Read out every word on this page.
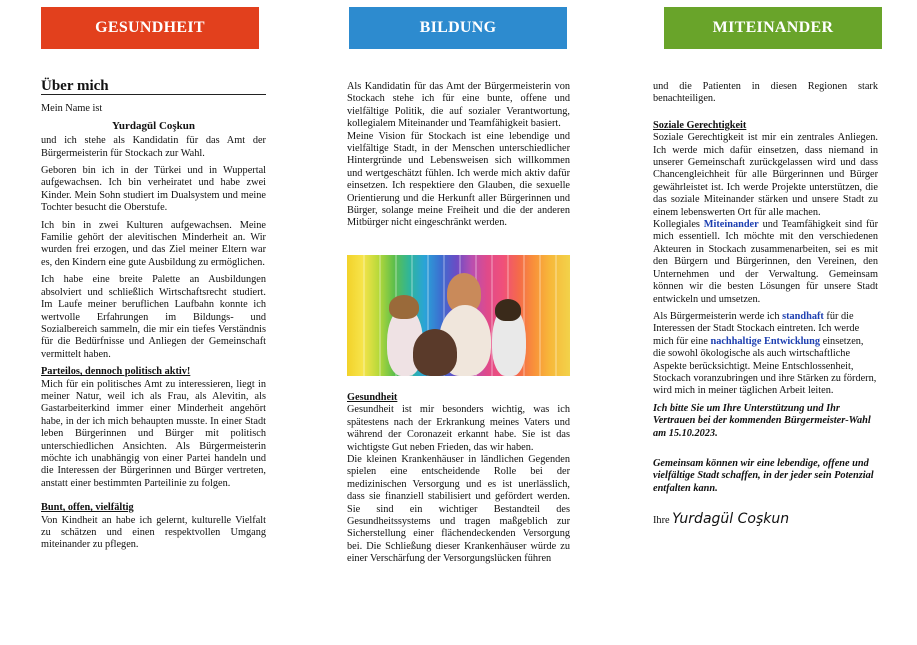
GESUNDHEIT	BILDUNG	MITEINANDER
Über mich

Mein Name ist

Yurdagül Coşkun

und ich stehe als Kandidatin für das Amt der Bürgermeisterin für Stockach zur Wahl.

Geboren bin ich in der Türkei und in Wuppertal aufgewachsen. Ich bin verheiratet und habe zwei Kinder. Mein Sohn studiert im Dualsystem und meine Tochter besucht die Oberstufe.

Ich bin in zwei Kulturen aufgewachsen. Meine Familie gehört der alevitischen Minderheit an. Wir wurden frei erzogen, und das Ziel meiner Eltern war es, den Kindern eine gute Ausbildung zu ermöglichen.

Ich habe eine breite Palette an Ausbildungen absolviert und schließlich Wirtschaftsrecht studiert. Im Laufe meiner beruflichen Laufbahn konnte ich wertvolle Erfahrungen im Bildungs- und Sozialbereich sammeln, die mir ein tiefes Verständnis für die Bedürfnisse und Anliegen der Gemeinschaft vermittelt haben.

Parteilos, dennoch politisch aktiv!

Mich für ein politisches Amt zu interessieren, liegt in meiner Natur, weil ich als Frau, als Alevitin, als Gastarbeiterkind immer einer Minderheit angehört habe, in der ich mich behaupten musste. In einer Stadt leben Bürgerinnen und Bürger mit politisch unterschiedlichen Ansichten. Als Bürgermeisterin möchte ich unabhängig von einer Partei handeln und die Interessen der Bürgerinnen und Bürger vertreten, anstatt einer bestimmten Parteilinie zu folgen.

Bunt, offen, vielfältig

Von Kindheit an habe ich gelernt, kulturelle Vielfalt zu schätzen und einen respektvollen Umgang miteinander zu pflegen.

Als Kandidatin für das Amt der Bürgermeisterin von Stockach stehe ich für eine bunte, offene und vielfältige Politik, die auf sozialer Verantwortung, kollegialem Miteinander und Teamfähigkeit basiert.

Meine Vision für Stockach ist eine lebendige und vielfältige Stadt, in der Menschen unterschiedlicher Hintergründe und Lebensweisen sich willkommen und wertgeschätzt fühlen. Ich werde mich aktiv dafür einsetzen. Ich respektiere den Glauben, die sexuelle Orientierung und die Herkunft aller Bürgerinnen und Bürger, solange meine Freiheit und die der anderen Mitbürger nicht eingeschränkt werden.

Gesundheit

Gesundheit ist mir besonders wichtig, was ich spätestens nach der Erkrankung meines Vaters und während der Coronazeit erkannt habe. Sie ist das wichtigste Gut neben Frieden, das wir haben.

Die kleinen Krankenhäuser in ländlichen Gegenden spielen eine entscheidende Rolle bei der medizinischen Versorgung und es ist unerlässlich, dass sie finanziell stabilisiert und gefördert werden. Sie sind ein wichtiger Bestandteil des Gesundheitssystems und tragen maßgeblich zur Sicherstellung einer flächendeckenden Versorgung bei. Die Schließung dieser Krankenhäuser würde zu einer Verschärfung der Versorgungslücken führen

und die Patienten in diesen Regionen stark benachteiligen.

Soziale Gerechtigkeit

Soziale Gerechtigkeit ist mir ein zentrales Anliegen. Ich werde mich dafür einsetzen, dass niemand in unserer Gemeinschaft zurückgelassen wird und dass Chancengleichheit für alle Bürgerinnen und Bürger gewährleistet ist. Ich werde Projekte unterstützen, die das soziale Miteinander stärken und unsere Stadt zu einem lebenswerten Ort für alle machen.

Kollegiales Miteinander und Teamfähigkeit sind für mich essentiell. Ich möchte mit den verschiedenen Akteuren in Stockach zusammenarbeiten, sei es mit den Bürgern und Bürgerinnen, den Vereinen, den Unternehmen und der Verwaltung. Gemeinsam können wir die besten Lösungen für unsere Stadt entwickeln und umsetzen.

Als Bürgermeisterin werde ich standhaft für die Interessen der Stadt Stockach eintreten. Ich werde mich für eine nachhaltige Entwicklung einsetzen, die sowohl ökologische als auch wirtschaftliche Aspekte berücksichtigt. Meine Entschlossenheit, Stockach voranzubringen und ihre Stärken zu fördern, wird mich in meiner täglichen Arbeit leiten.

Ich bitte Sie um Ihre Unterstützung und Ihr Vertrauen bei der kommenden Bürgermeister-Wahl am 15.10.2023.

Gemeinsam können wir eine lebendige, offene und vielfältige Stadt schaffen, in der jeder sein Potenzial entfalten kann.

Ihre Yurdagül Coşkun
